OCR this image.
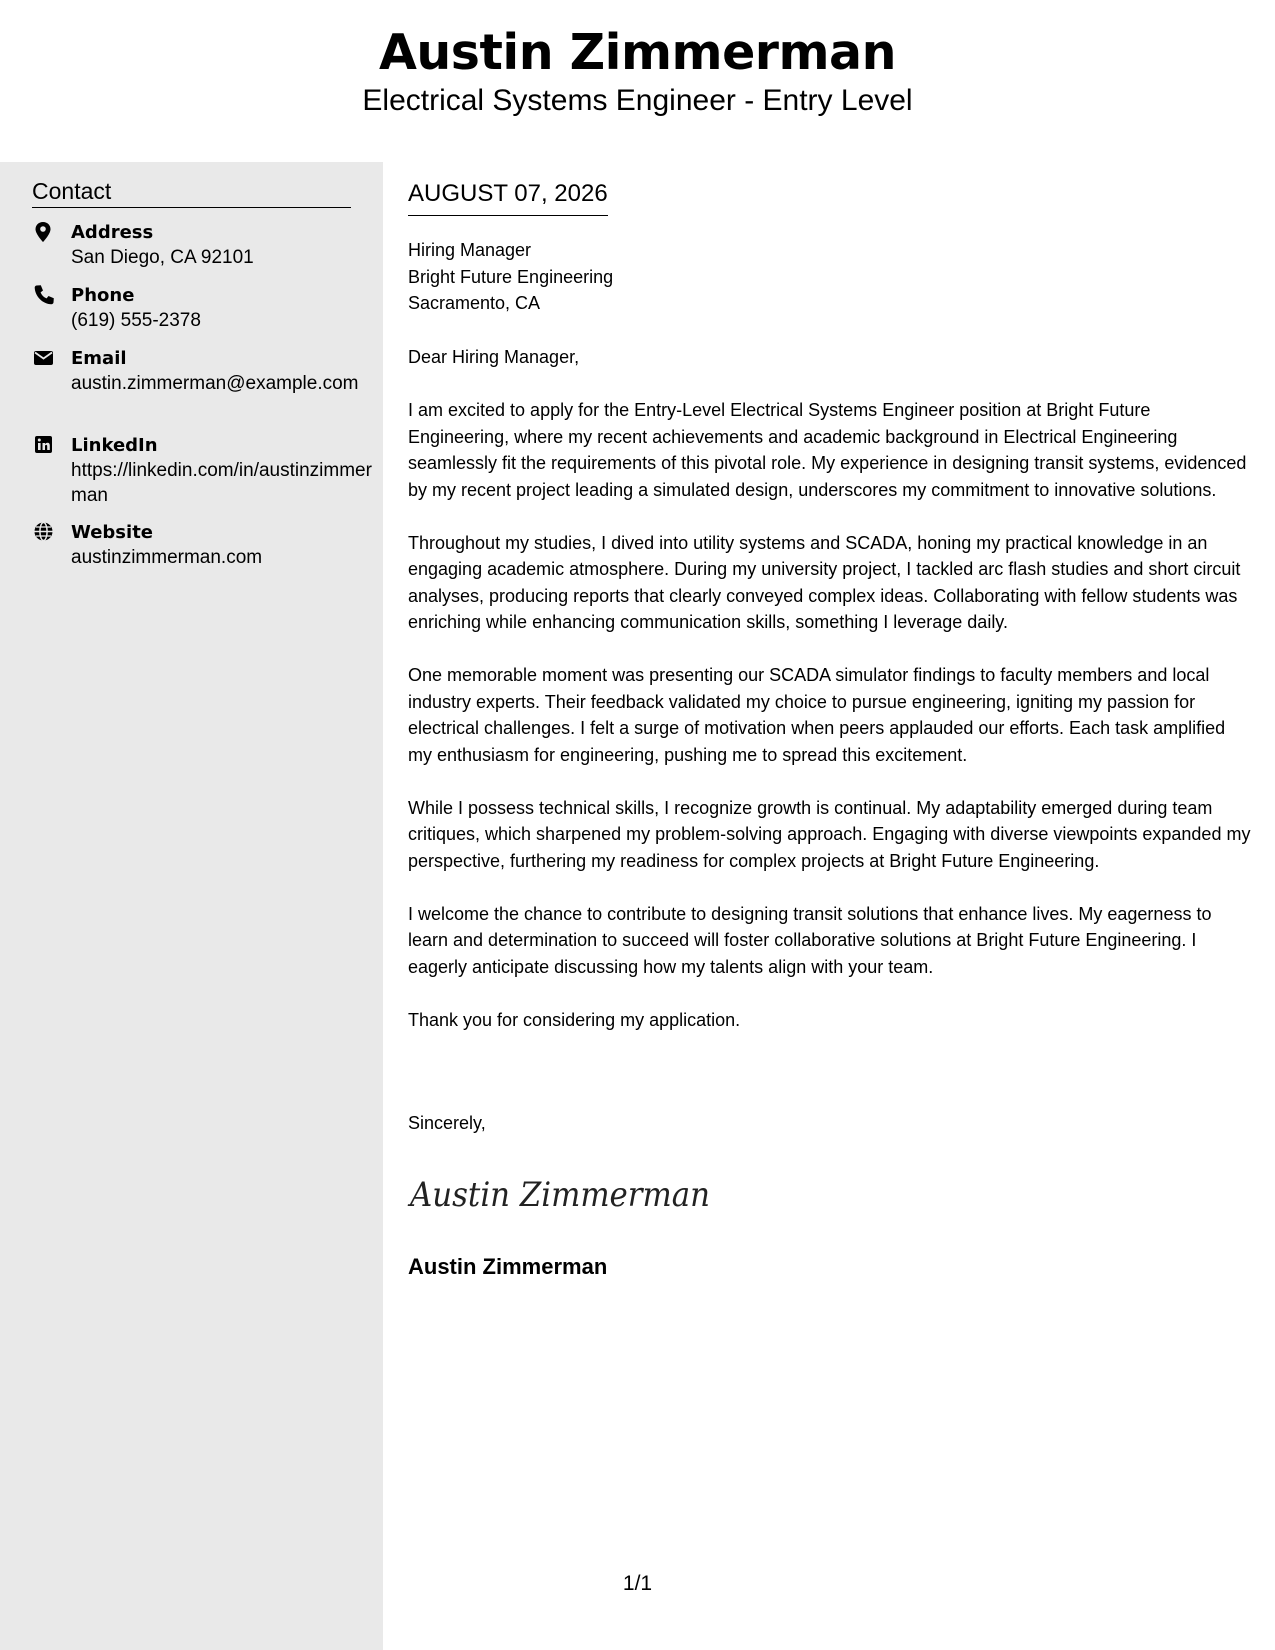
Austin Zimmerman
Electrical Systems Engineer - Entry Level
Contact
Address
San Diego, CA 92101
Phone
(619) 555-2378
Email
austin.zimmerman@example.com
LinkedIn
https://linkedin.com/in/austinzimmerman
Website
austinzimmerman.com
AUGUST 07, 2026
Hiring Manager
Bright Future Engineering
Sacramento, CA
Dear Hiring Manager,

I am excited to apply for the Entry-Level Electrical Systems Engineer position at Bright Future Engineering, where my recent achievements and academic background in Electrical Engineering seamlessly fit the requirements of this pivotal role. My experience in designing transit systems, evidenced by my recent project leading a simulated design, underscores my commitment to innovative solutions.

Throughout my studies, I dived into utility systems and SCADA, honing my practical knowledge in an engaging academic atmosphere. During my university project, I tackled arc flash studies and short circuit analyses, producing reports that clearly conveyed complex ideas. Collaborating with fellow students was enriching while enhancing communication skills, something I leverage daily.

One memorable moment was presenting our SCADA simulator findings to faculty members and local industry experts. Their feedback validated my choice to pursue engineering, igniting my passion for electrical challenges. I felt a surge of motivation when peers applauded our efforts. Each task amplified my enthusiasm for engineering, pushing me to spread this excitement.

While I possess technical skills, I recognize growth is continual. My adaptability emerged during team critiques, which sharpened my problem-solving approach. Engaging with diverse viewpoints expanded my perspective, furthering my readiness for complex projects at Bright Future Engineering.

I welcome the chance to contribute to designing transit solutions that enhance lives. My eagerness to learn and determination to succeed will foster collaborative solutions at Bright Future Engineering. I eagerly anticipate discussing how my talents align with your team.

Thank you for considering my application.

Sincerely,
Austin Zimmerman
Austin Zimmerman
1/1
